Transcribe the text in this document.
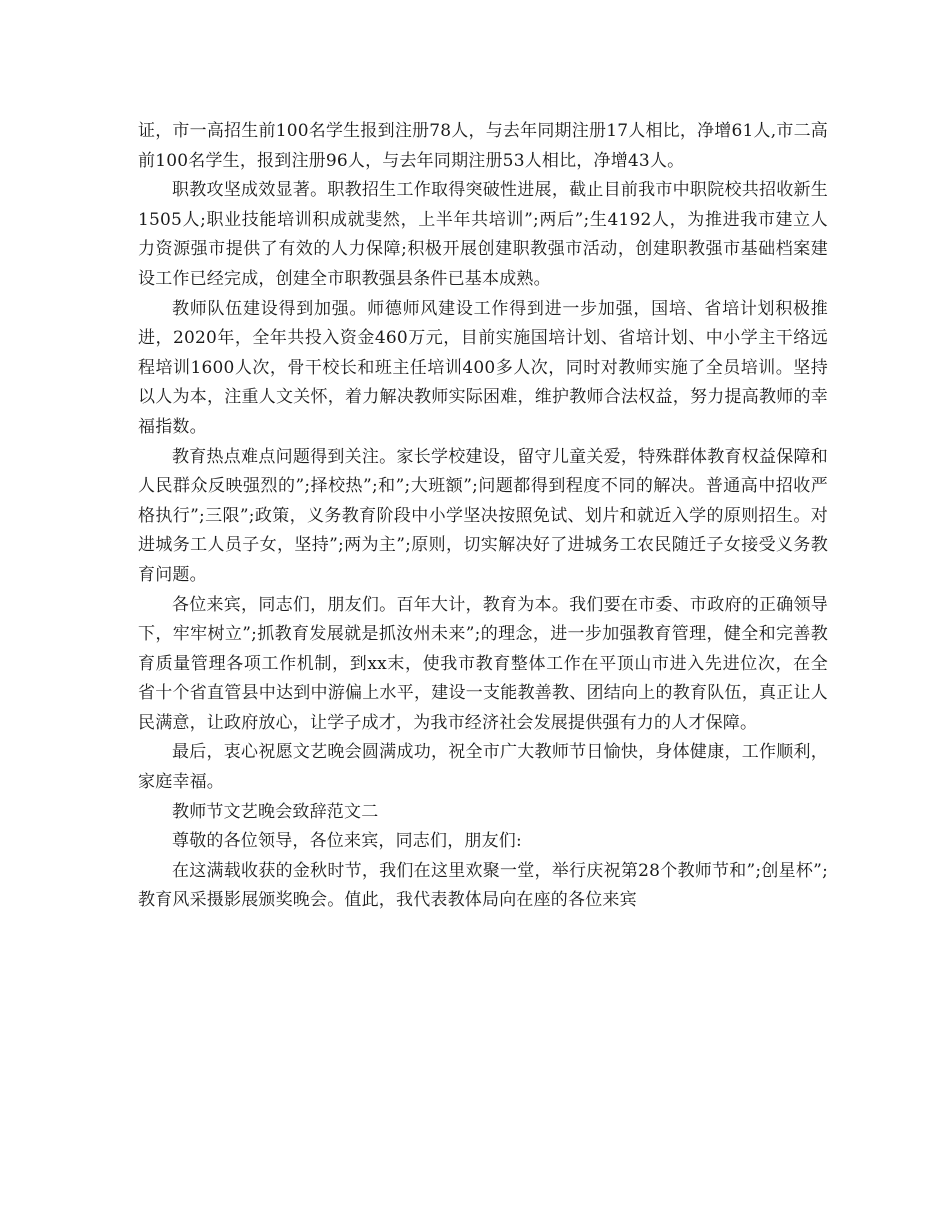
证，市一高招生前100名学生报到注册78人，与去年同期注册17人相比，净增61人,市二高前100名学生，报到注册96人，与去年同期注册53人相比，净增43人。

职教攻坚成效显著。职教招生工作取得突破性进展，截止目前我市中职院校共招收新生1505人;职业技能培训积成就斐然，上半年共培训”;两后”;生4192人，为推进我市建立人力资源强市提供了有效的人力保障;积极开展创建职教强市活动，创建职教强市基础档案建设工作已经完成，创建全市职教强县条件已基本成熟。

教师队伍建设得到加强。师德师风建设工作得到进一步加强，国培、省培计划积极推进，2020年，全年共投入资金460万元，目前实施国培计划、省培计划、中小学主干络远程培训1600人次，骨干校长和班主任培训400多人次，同时对教师实施了全员培训。坚持以人为本，注重人文关怀，着力解决教师实际困难，维护教师合法权益，努力提高教师的幸福指数。

教育热点难点问题得到关注。家长学校建设，留守儿童关爱，特殊群体教育权益保障和人民群众反映强烈的”;择校热”;和”;大班额”;问题都得到程度不同的解决。普通高中招收严格执行”;三限”;政策，义务教育阶段中小学坚决按照免试、划片和就近入学的原则招生。对进城务工人员子女，坚持”;两为主”;原则，切实解决好了进城务工农民随迁子女接受义务教育问题。

各位来宾，同志们，朋友们。百年大计，教育为本。我们要在市委、市政府的正确领导下，牢牢树立”;抓教育发展就是抓汝州未来”;的理念，进一步加强教育管理，健全和完善教育质量管理各项工作机制，到xx末，使我市教育整体工作在平顶山市进入先进位次，在全省十个省直管县中达到中游偏上水平，建设一支能教善教、团结向上的教育队伍，真正让人民满意，让政府放心，让学子成才，为我市经济社会发展提供强有力的人才保障。

最后，衷心祝愿文艺晚会圆满成功，祝全市广大教师节日愉快，身体健康，工作顺利，家庭幸福。

教师节文艺晚会致辞范文二

尊敬的各位领导，各位来宾，同志们，朋友们:

在这满载收获的金秋时节，我们在这里欢聚一堂，举行庆祝第28个教师节和”;创星杯”;教育风采摄影展颁奖晚会。值此，我代表教体局向在座的各位来宾
